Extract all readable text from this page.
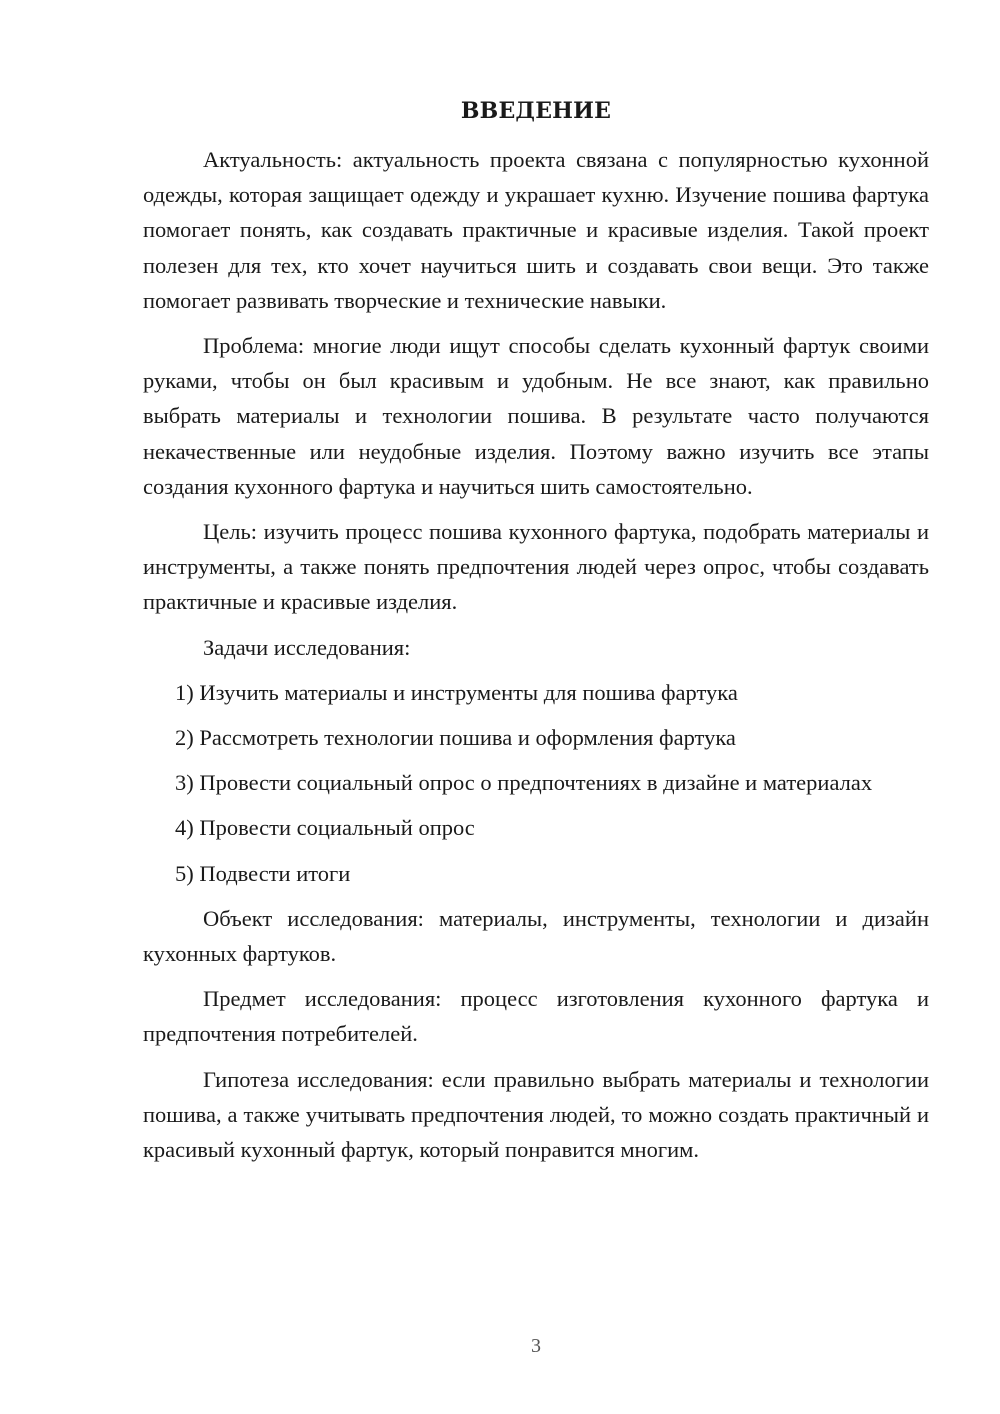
ВВЕДЕНИЕ

Актуальность: актуальность проекта связана с популярностью кухонной одежды, которая защищает одежду и украшает кухню. Изучение пошива фартука помогает понять, как создавать практичные и красивые изделия. Такой проект полезен для тех, кто хочет научиться шить и создавать свои вещи. Это также помогает развивать творческие и технические навыки.

Проблема: многие люди ищут способы сделать кухонный фартук своими руками, чтобы он был красивым и удобным. Не все знают, как правильно выбрать материалы и технологии пошива. В результате часто получаются некачественные или неудобные изделия. Поэтому важно изучить все этапы создания кухонного фартука и научиться шить самостоятельно.

Цель: изучить процесс пошива кухонного фартука, подобрать материалы и инструменты, а также понять предпочтения людей через опрос, чтобы создавать практичные и красивые изделия.

Задачи исследования:

1) Изучить материалы и инструменты для пошива фартука

2) Рассмотреть технологии пошива и оформления фартука

3) Провести социальный опрос о предпочтениях в дизайне и материалах

4) Провести социальный опрос

5) Подвести итоги

Объект исследования: материалы, инструменты, технологии и дизайн кухонных фартуков.

Предмет исследования: процесс изготовления кухонного фартука и предпочтения потребителей.

Гипотеза исследования: если правильно выбрать материалы и технологии пошива, а также учитывать предпочтения людей, то можно создать практичный и красивый кухонный фартук, который понравится многим.

3
